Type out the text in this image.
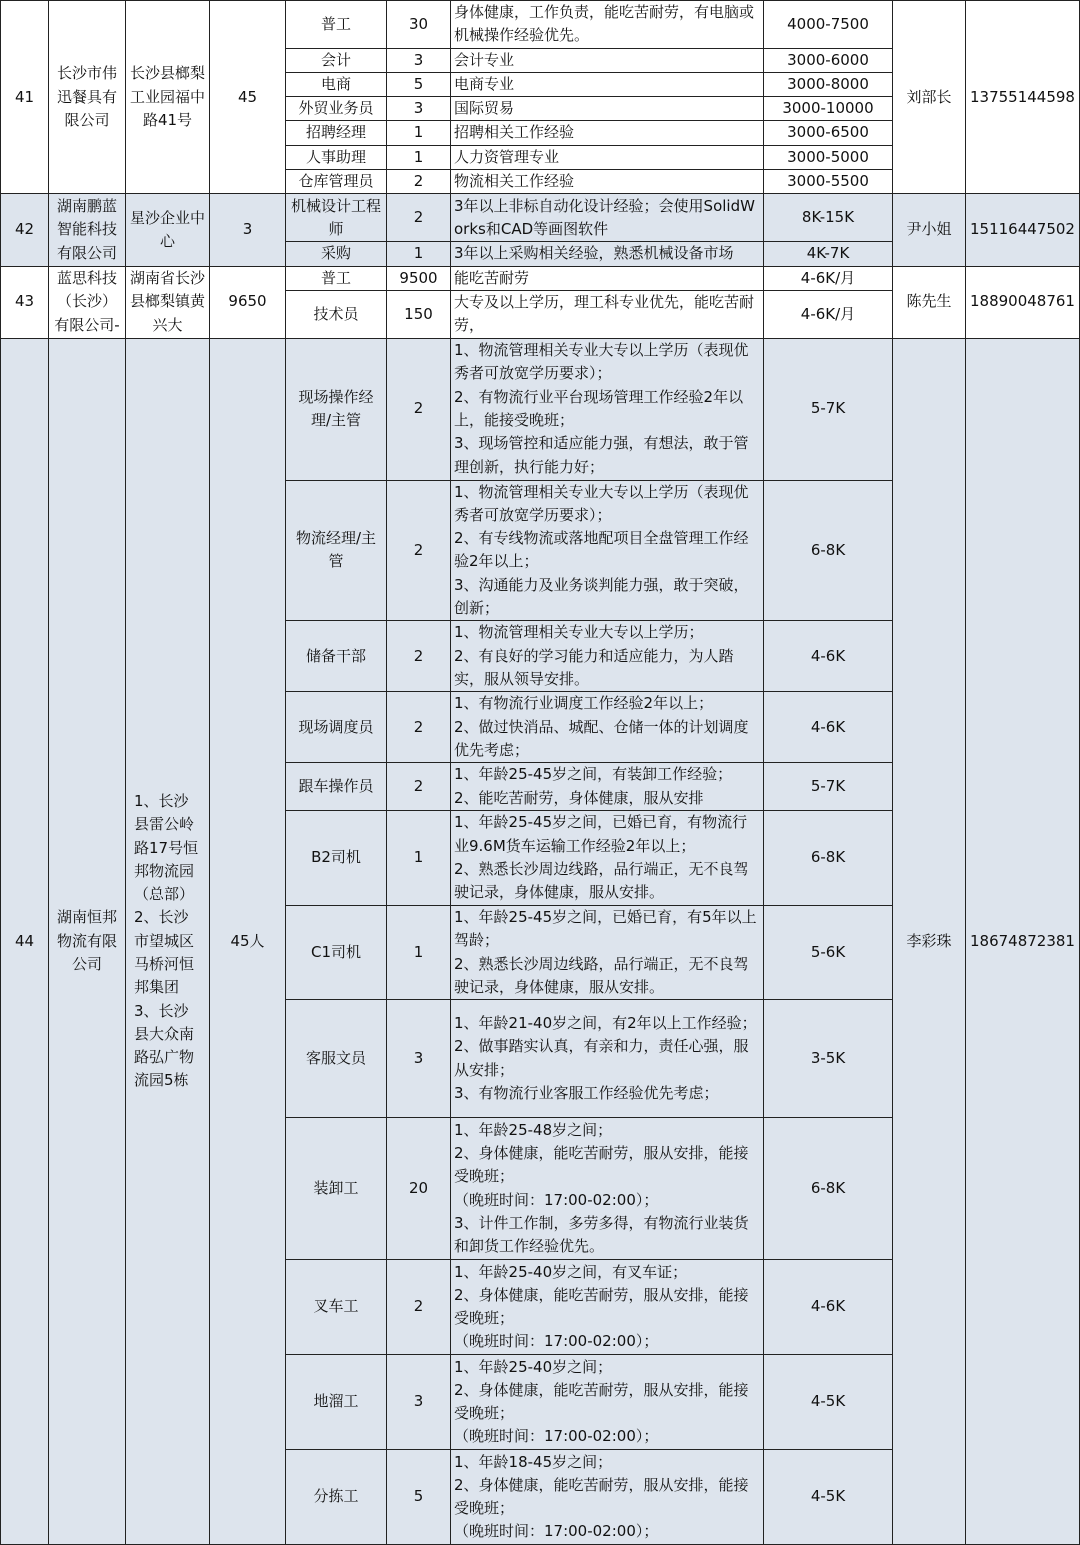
41	长沙市伟迅餐具有限公司	长沙县榔梨工业园福中路41号	45	普工	30	身体健康，工作负责，能吃苦耐劳，有电脑或机械操作经验优先。	4000-7500	刘部长	13755144598
				会计	3	会计专业	3000-6000		
				电商	5	电商专业	3000-8000		
				外贸业务员	3	国际贸易	3000-10000		
				招聘经理	1	招聘相关工作经验	3000-6500		
				人事助理	1	人力资管理专业	3000-5000		
				仓库管理员	2	物流相关工作经验	3000-5500		
42	湖南鹏蓝智能科技有限公司	星沙企业中心	3	机械设计工程师	2	3年以上非标自动化设计经验；会使用SolidWorks和CAD等画图软件	8K-15K	尹小姐	15116447502
				采购	1	3年以上采购相关经验，熟悉机械设备市场	4K-7K		
43	蓝思科技（长沙）有限公司-	湖南省长沙县榔梨镇黄兴大	9650	普工	9500	能吃苦耐劳	4-6K/月	陈先生	18890048761
				技术员	150	大专及以上学历，理工科专业优先，能吃苦耐劳，	4-6K/月		
44	湖南恒邦物流有限公司	1、长沙县雷公岭路17号恒邦物流园（总部）
2、长沙市望城区马桥河恒邦集团
3、长沙县大众南路弘广物流园5栋	45人	现场操作经理/主管	2	1、物流管理相关专业大专以上学历（表现优秀者可放宽学历要求）；
2、有物流行业平台现场管理工作经验2年以上，能接受晚班；
3、现场管控和适应能力强，有想法，敢于管理创新，执行能力好；	5-7K	李彩珠	18674872381
				物流经理/主管	2	1、物流管理相关专业大专以上学历（表现优秀者可放宽学历要求）；
2、有专线物流或落地配项目全盘管理工作经验2年以上；
3、沟通能力及业务谈判能力强，敢于突破，创新；	6-8K		
				储备干部	2	1、物流管理相关专业大专以上学历；
2、有良好的学习能力和适应能力，为人踏实，服从领导安排。	4-6K		
				现场调度员	2	1、有物流行业调度工作经验2年以上；
2、做过快消品、城配、仓储一体的计划调度优先考虑；	4-6K		
				跟车操作员	2	1、年龄25-45岁之间，有装卸工作经验；
2、能吃苦耐劳，身体健康，服从安排	5-7K		
				B2司机	1	1、年龄25-45岁之间，已婚已育，有物流行业9.6M货车运输工作经验2年以上；
2、熟悉长沙周边线路，品行端正，无不良驾驶记录，身体健康，服从安排。	6-8K		
				C1司机	1	1、年龄25-45岁之间，已婚已育，有5年以上驾龄；
2、熟悉长沙周边线路，品行端正，无不良驾驶记录，身体健康，服从安排。	5-6K		
				客服文员	3	1、年龄21-40岁之间，有2年以上工作经验；
2、做事踏实认真，有亲和力，责任心强，服从安排；
3、有物流行业客服工作经验优先考虑；	3-5K		
				装卸工	20	1、年龄25-48岁之间；
2、身体健康，能吃苦耐劳，服从安排，能接受晚班；
（晚班时间：17:00-02:00）；
3、计件工作制，多劳多得，有物流行业装货和卸货工作经验优先。	6-8K		
				叉车工	2	1、年龄25-40岁之间，有叉车证；
2、身体健康，能吃苦耐劳，服从安排，能接受晚班；
（晚班时间：17:00-02:00）；	4-6K		
				地溜工	3	1、年龄25-40岁之间；
2、身体健康，能吃苦耐劳，服从安排，能接受晚班；
（晚班时间：17:00-02:00）；	4-5K		
				分拣工	5	1、年龄18-45岁之间；
2、身体健康，能吃苦耐劳，服从安排，能接受晚班；
（晚班时间：17:00-02:00）；	4-5K		
